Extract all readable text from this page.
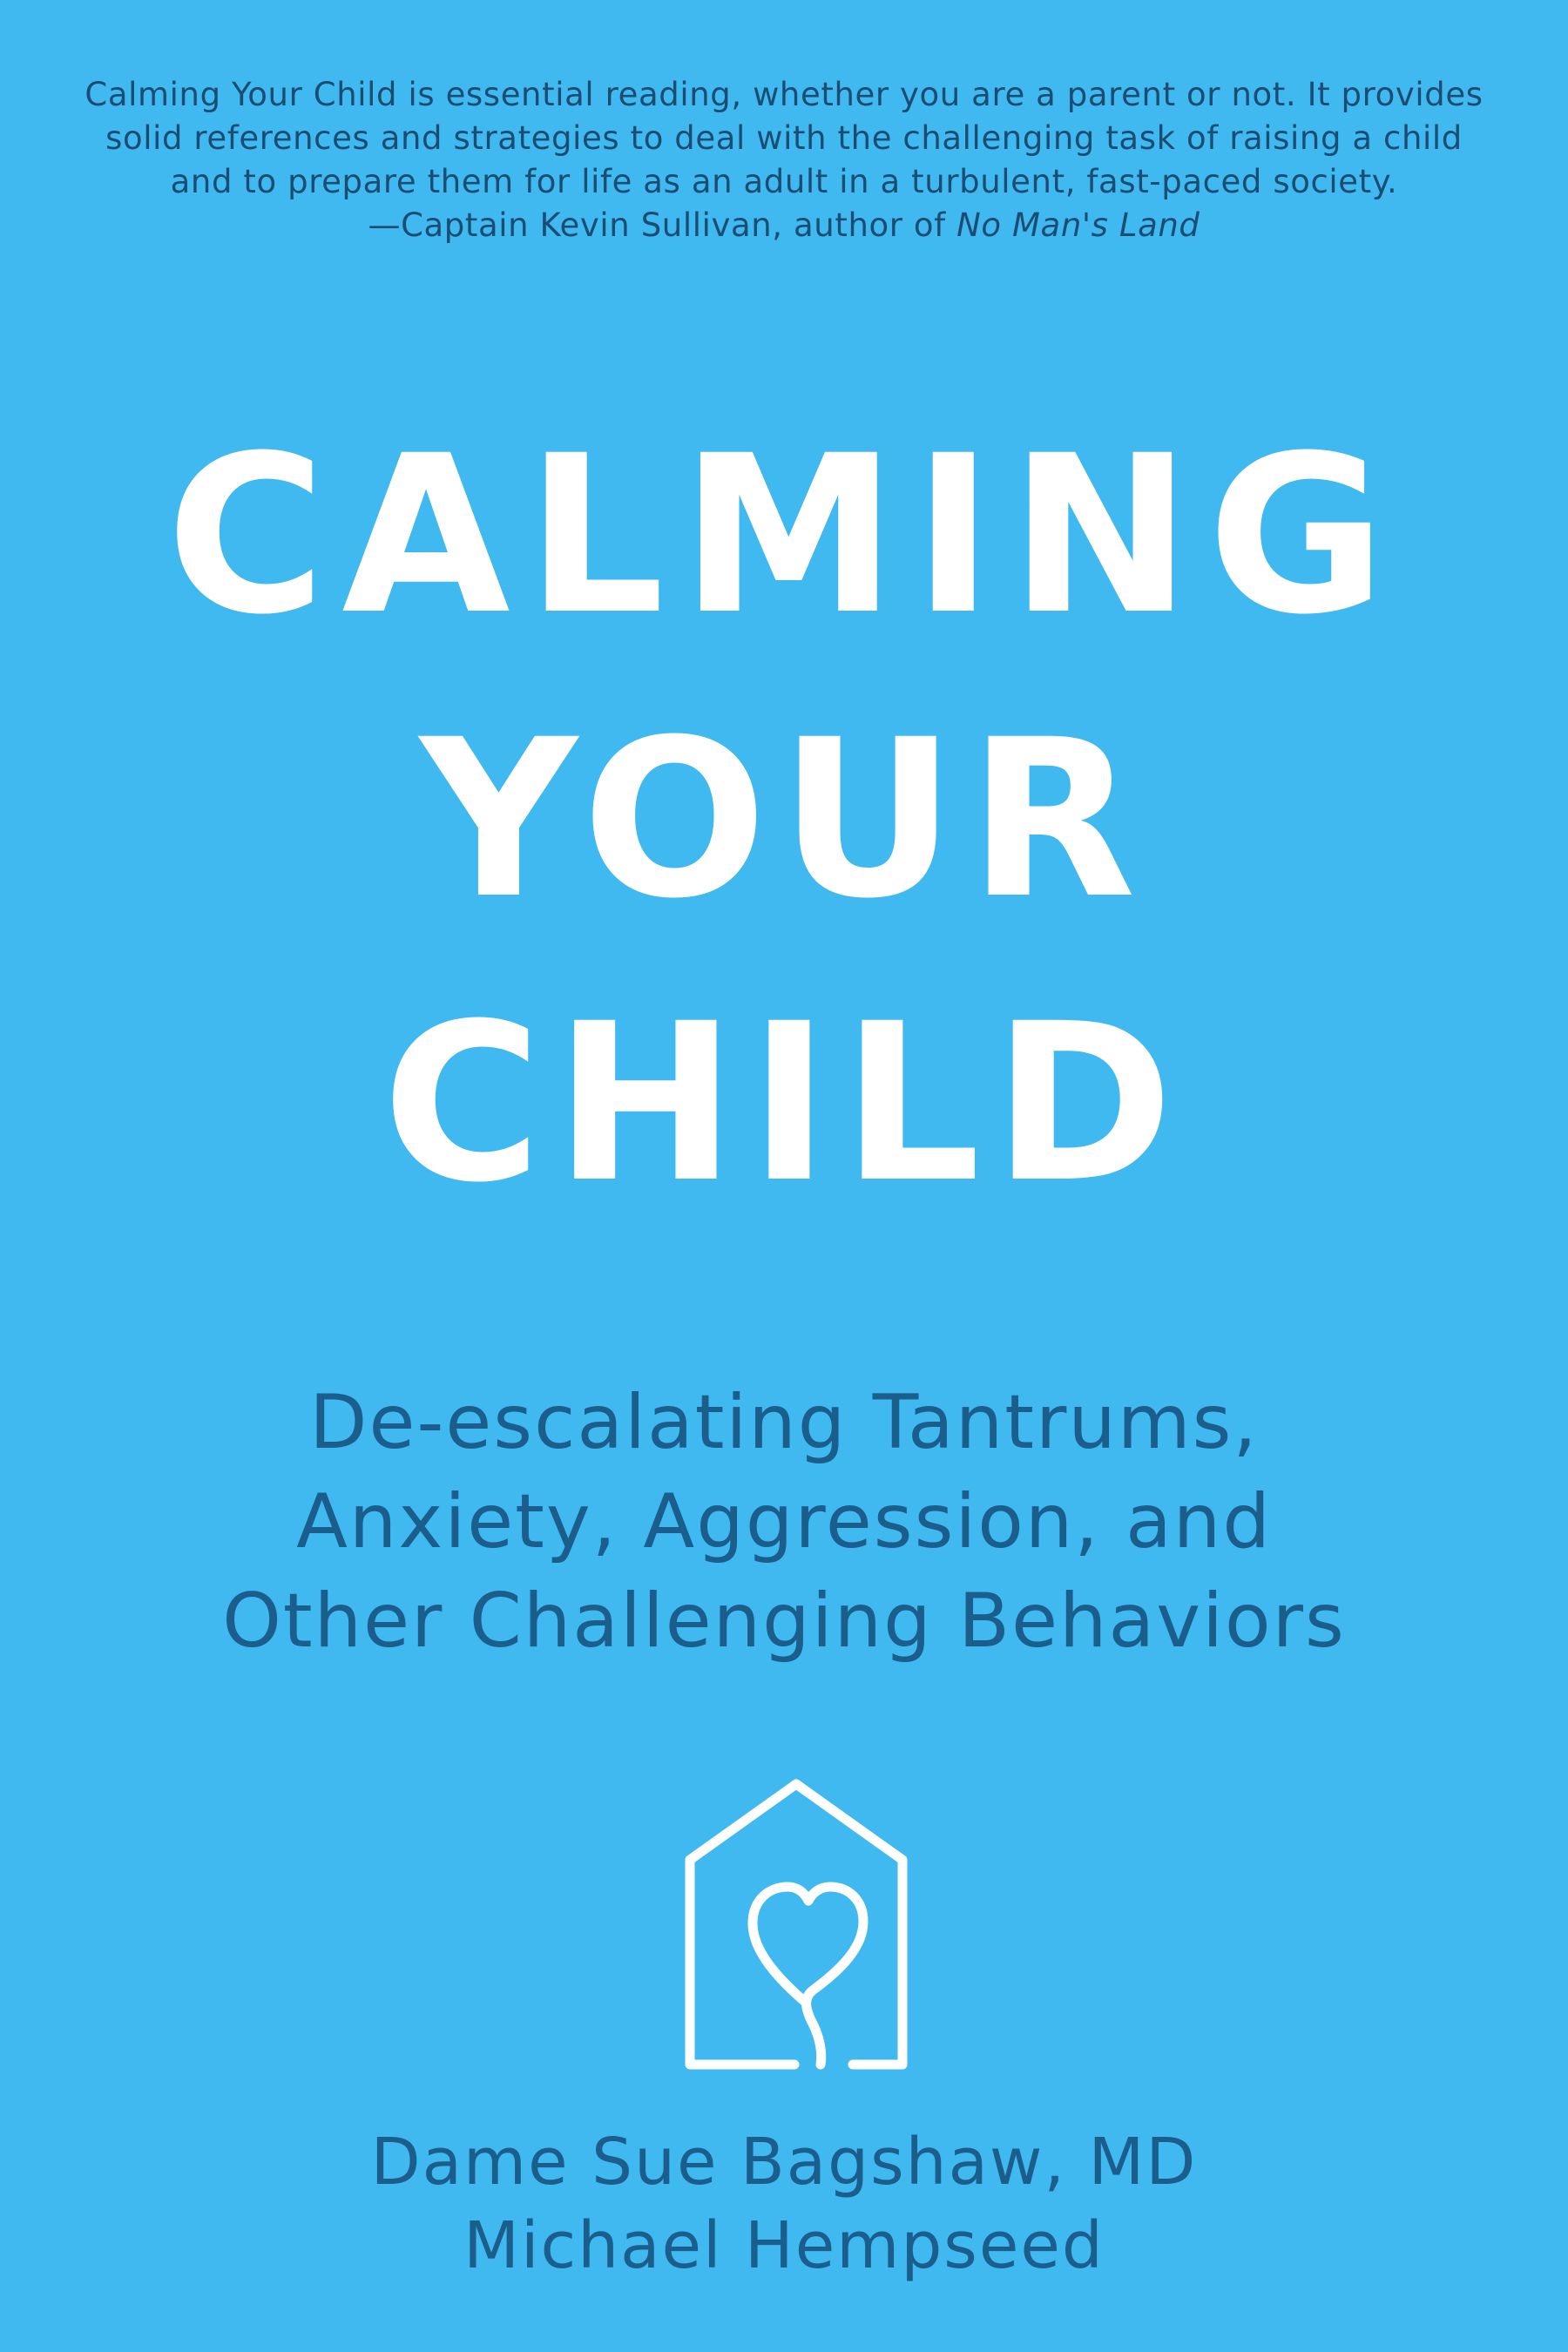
Calming Your Child is essential reading, whether you are a parent or not. It provides
solid references and strategies to deal with the challenging task of raising a child
and to prepare them for life as an adult in a turbulent, fast-paced society.
—Captain Kevin Sullivan, author of No Man's Land
CALMING
YOUR
CHILD
De-escalating Tantrums,
Anxiety, Aggression, and
Other Challenging Behaviors
Dame Sue Bagshaw, MD
Michael Hempseed
